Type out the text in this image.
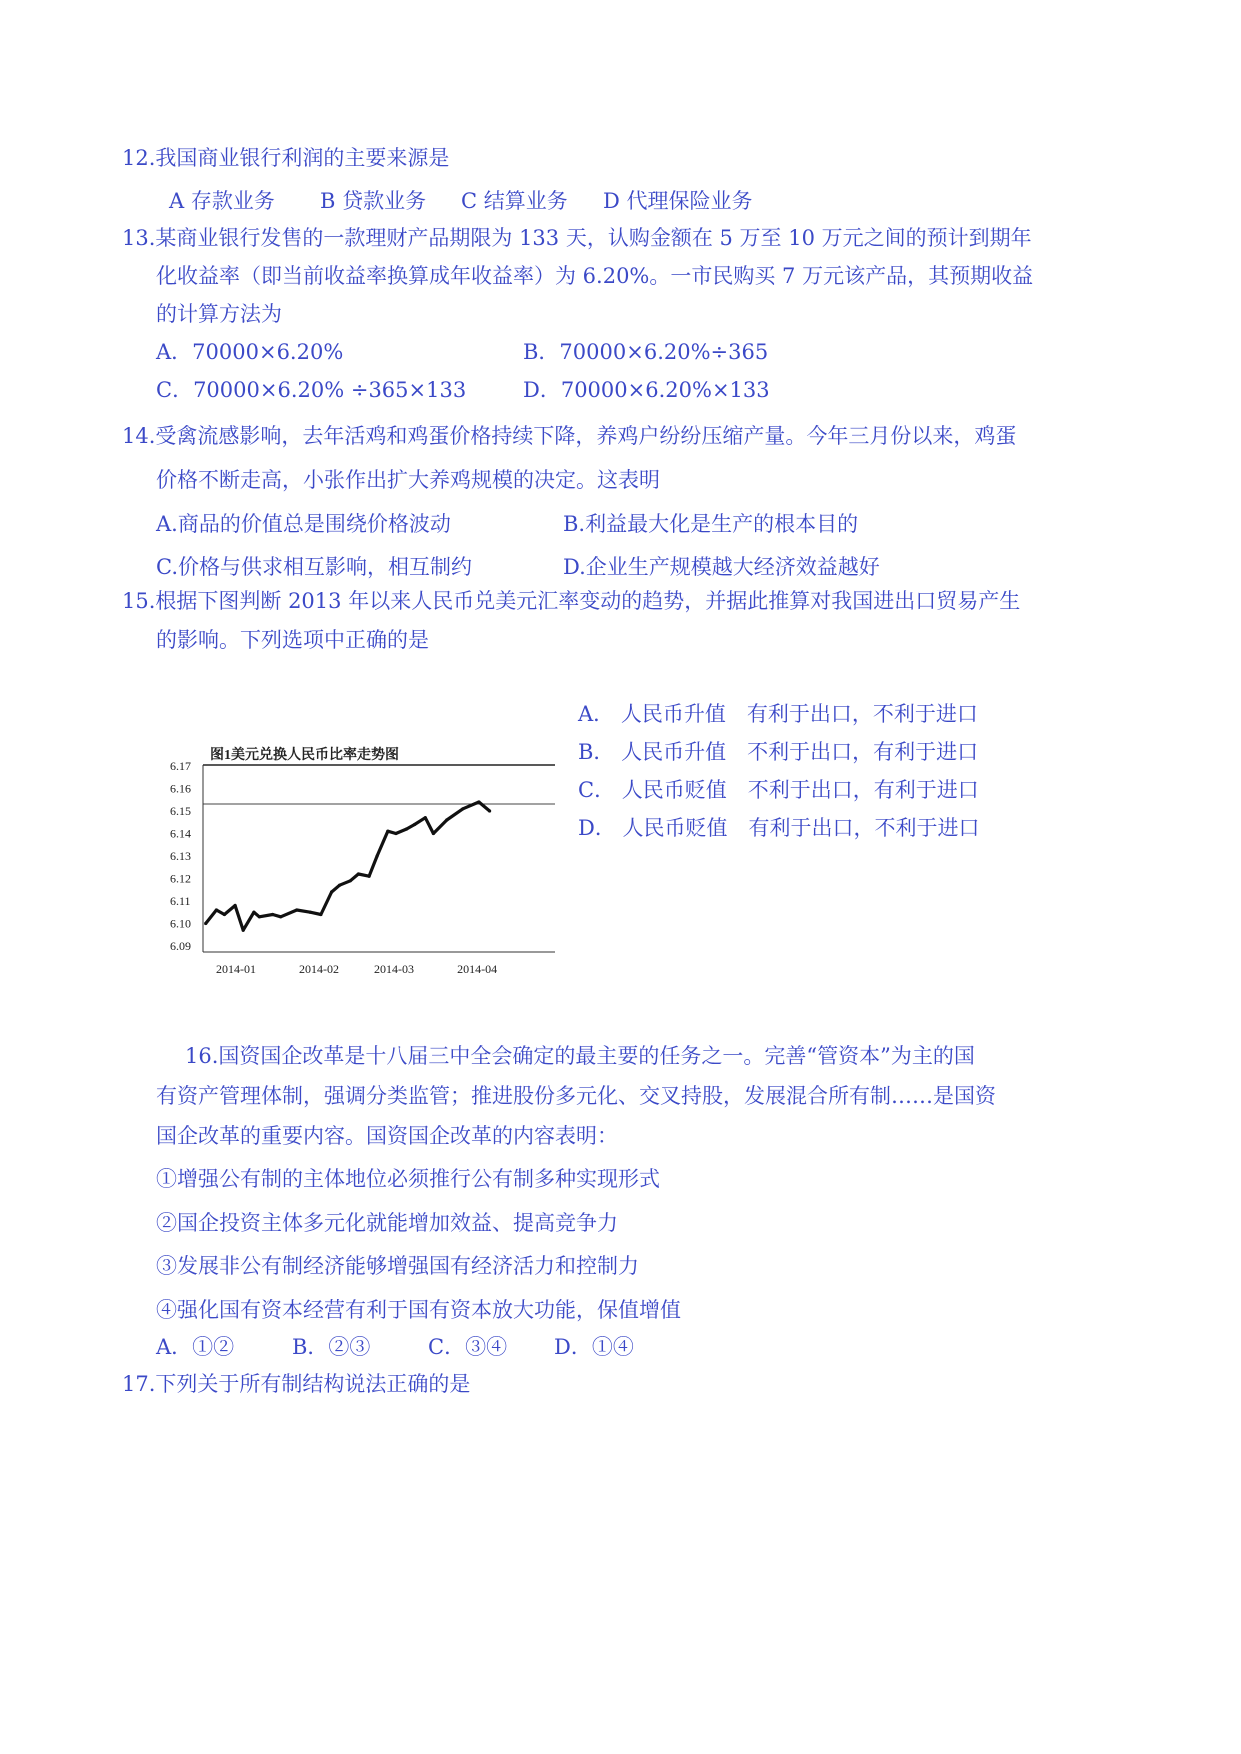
12.我国商业银行利润的主要来源是
A 存款业务 B 贷款业务 C 结算业务 D 代理保险业务
13.某商业银行发售的一款理财产品期限为 133 天，认购金额在 5 万至 10 万元之间的预计到期年
化收益率（即当前收益率换算成年收益率）为 6.20%。一市民购买 7 万元该产品，其预期收益
的计算方法为
A．70000×6.20%	B．70000×6.20%÷365
C．70000×6.20% ÷365×133	D．70000×6.20%×133
14.受禽流感影响，去年活鸡和鸡蛋价格持续下降，养鸡户纷纷压缩产量。今年三月份以来，鸡蛋
价格不断走高，小张作出扩大养鸡规模的决定。这表明
A.商品的价值总是围绕价格波动	B.利益最大化是生产的根本目的
C.价格与供求相互影响，相互制约	D.企业生产规模越大经济效益越好
15.根据下图判断 2013 年以来人民币兑美元汇率变动的趋势，并据此推算对我国进出口贸易产生
的影响。下列选项中正确的是
图1美元兑换人民币比率走势图
6.17
6.16
6.15
6.14
6.13
6.12
6.11
6.10
6.09
2014-01	2014-02	2014-03	2014-04
A． 人民币升值　有利于出口，不利于进口
B． 人民币升值　不利于出口，有利于进口
C． 人民币贬值　不利于出口，有利于进口
D． 人民币贬值　有利于出口，不利于进口
16.国资国企改革是十八届三中全会确定的最主要的任务之一。完善“管资本”为主的国
有资产管理体制，强调分类监管；推进股份多元化、交叉持股，发展混合所有制……是国资
国企改革的重要内容。国资国企改革的内容表明：
①增强公有制的主体地位必须推行公有制多种实现形式
②国企投资主体多元化就能增加效益、提高竞争力
③发展非公有制经济能够增强国有经济活力和控制力
④强化国有资本经营有利于国有资本放大功能，保值增值
A．①②	B．②③	C．③④ D．①④
17.下列关于所有制结构说法正确的是
